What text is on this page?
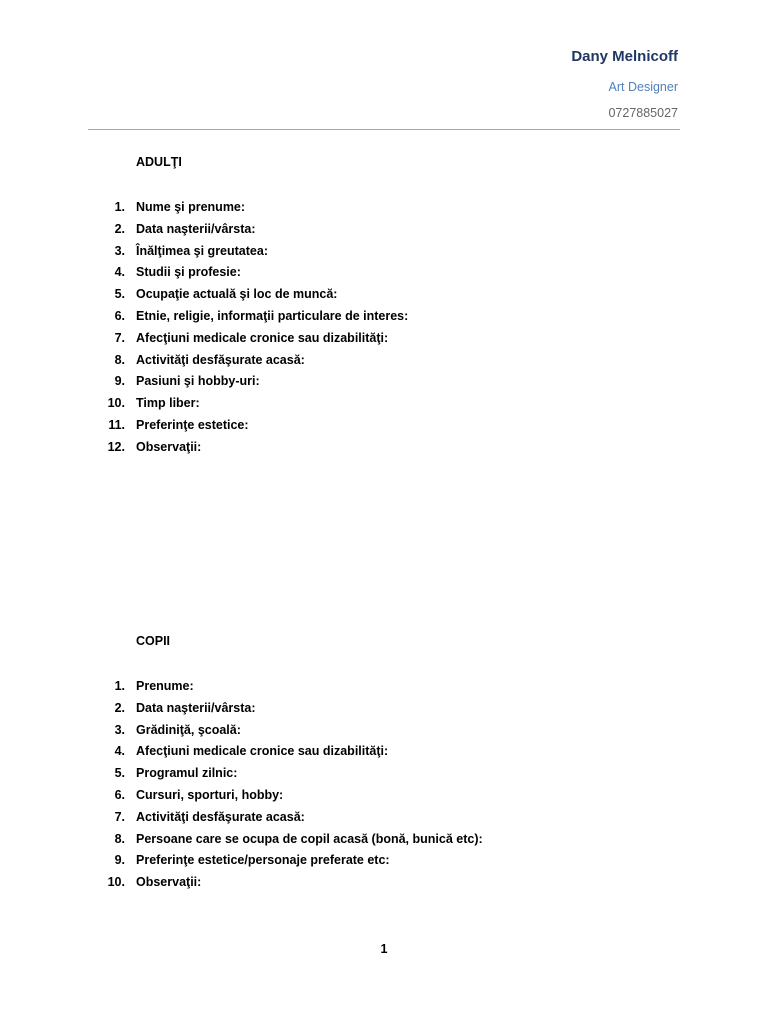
Dany Melnicoff
Art Designer
0727885027
ADULŢI
1. Nume şi prenume:
2. Data naşterii/vârsta:
3. Înălţimea şi greutatea:
4. Studii şi profesie:
5. Ocupaţie actuală şi loc de muncă:
6. Etnie, religie, informaţii particulare de interes:
7. Afecţiuni medicale cronice sau dizabilităţi:
8. Activităţi desfăşurate acasă:
9. Pasiuni şi hobby-uri:
10. Timp liber:
11. Preferinţe estetice:
12. Observaţii:
COPII
1. Prenume:
2. Data naşterii/vârsta:
3. Grădiniţă, şcoală:
4. Afecţiuni medicale cronice sau dizabilităţi:
5. Programul zilnic:
6. Cursuri, sporturi, hobby:
7. Activităţi desfăşurate acasă:
8. Persoane care se ocupa de copil acasă (bonă, bunică etc):
9. Preferinţe estetice/personaje preferate etc:
10. Observaţii:
1
